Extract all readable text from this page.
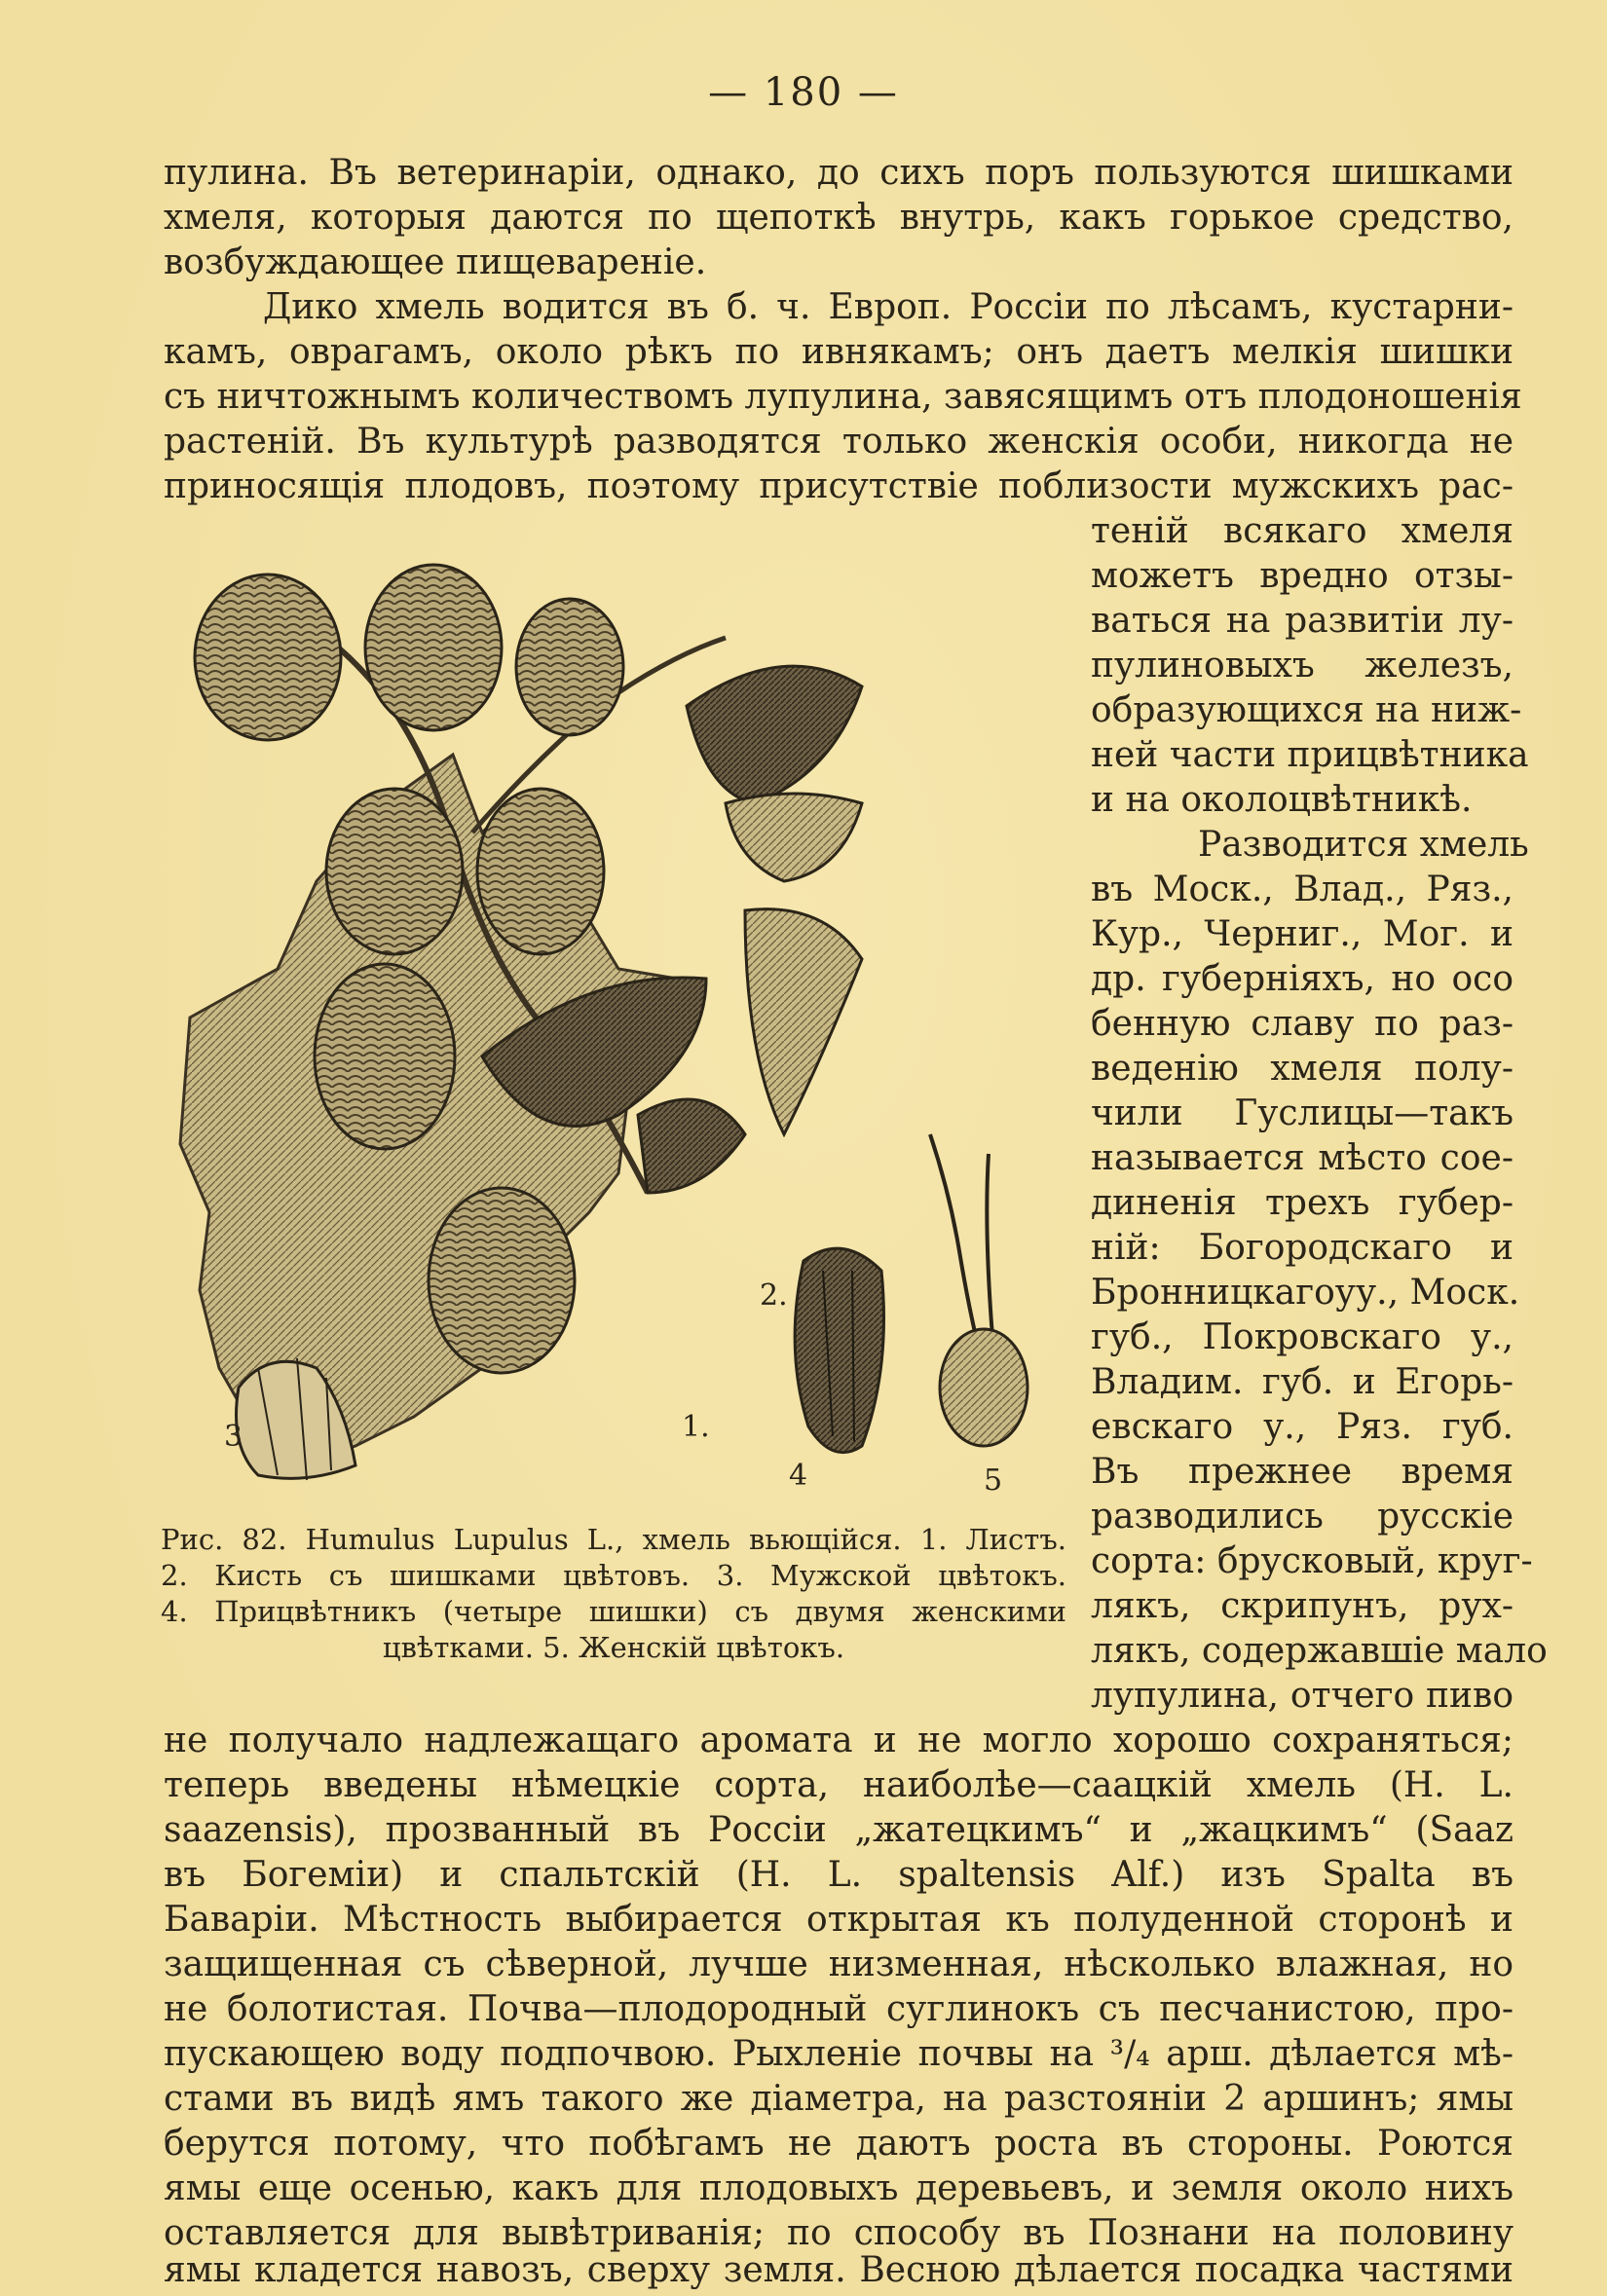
— 180 —
пулина. Въ ветеринаріи, однако, до сихъ поръ пользуются шишками
хмеля, которыя даются по щепоткѣ внутрь, какъ горькое средство,
возбуждающее пищевареніе.
Дико хмель водится въ б. ч. Европ. Россіи по лѣсамъ, кустарни-
камъ, оврагамъ, около рѣкъ по ивнякамъ; онъ даетъ мелкія шишки
съ ничтожнымъ количествомъ лупулина, завясящимъ отъ плодоношенія
растеній. Въ культурѣ разводятся только женскія особи, никогда не
приносящія плодовъ, поэтому присутствіе поблизости мужскихъ рас-
теній всякаго хмеля
можетъ вредно отзы-
ваться на развитіи лу-
пулиновыхъ железъ,
образующихся на ниж-
ней части прицвѣтника
и на околоцвѣтникѣ.
Разводится хмель
въ Моск., Влад., Ряз.,
Кур., Черниг., Мог. и
др. губерніяхъ, но осо
бенную славу по раз-
веденію хмеля полу-
чили Гуслицы—такъ
называется мѣсто сое-
диненія трехъ губер-
ній: Богородскаго и
Бронницкагоуу., Моск.
губ., Покровскаго у.,
Владим. губ. и Егорь-
евскаго у., Ряз. губ.
Въ прежнее время
разводились русскіе
сорта: брусковый, круг-
лякъ, скрипунъ, рух-
лякъ, содержавшіе мало
лупулина, отчего пиво
1.
2.
3
4	5
Рис. 82. Humulus Lupulus L., хмель вьющійся. 1. Листъ.
2. Кисть съ шишками цвѣтовъ. 3. Мужской цвѣтокъ.
4. Прицвѣтникъ (четыре шишки) съ двумя женскими
цвѣтками. 5. Женскій цвѣтокъ.
не получало надлежащаго аромата и не могло хорошо сохраняться;
теперь введены нѣмецкіе сорта, наиболѣе—саацкій хмель (H. L.
saazensis), прозванный въ Россіи „жатецкимъ“ и „жацкимъ“ (Saaz
въ Богеміи) и спальтскій (H. L. spaltensis Alf.) изъ Spalta въ
Баваріи. Мѣстность выбирается открытая къ полуденной сторонѣ и
защищенная съ сѣверной, лучше низменная, нѣсколько влажная, но
не болотистая. Почва—плодородный суглинокъ съ песчанистою, про-
пускающею воду подпочвою. Рыхленіе почвы на ³/₄ арш. дѣлается мѣ-
стами въ видѣ ямъ такого же діаметра, на разстояніи 2 аршинъ; ямы
берутся потому, что побѣгамъ не даютъ роста въ стороны. Роются
ямы еще осенью, какъ для плодовыхъ деревьевъ, и земля около нихъ
оставляется для вывѣтриванія; по способу въ Познани на половину
ямы кладется навозъ, сверху земля. Весною дѣлается посадка частями
